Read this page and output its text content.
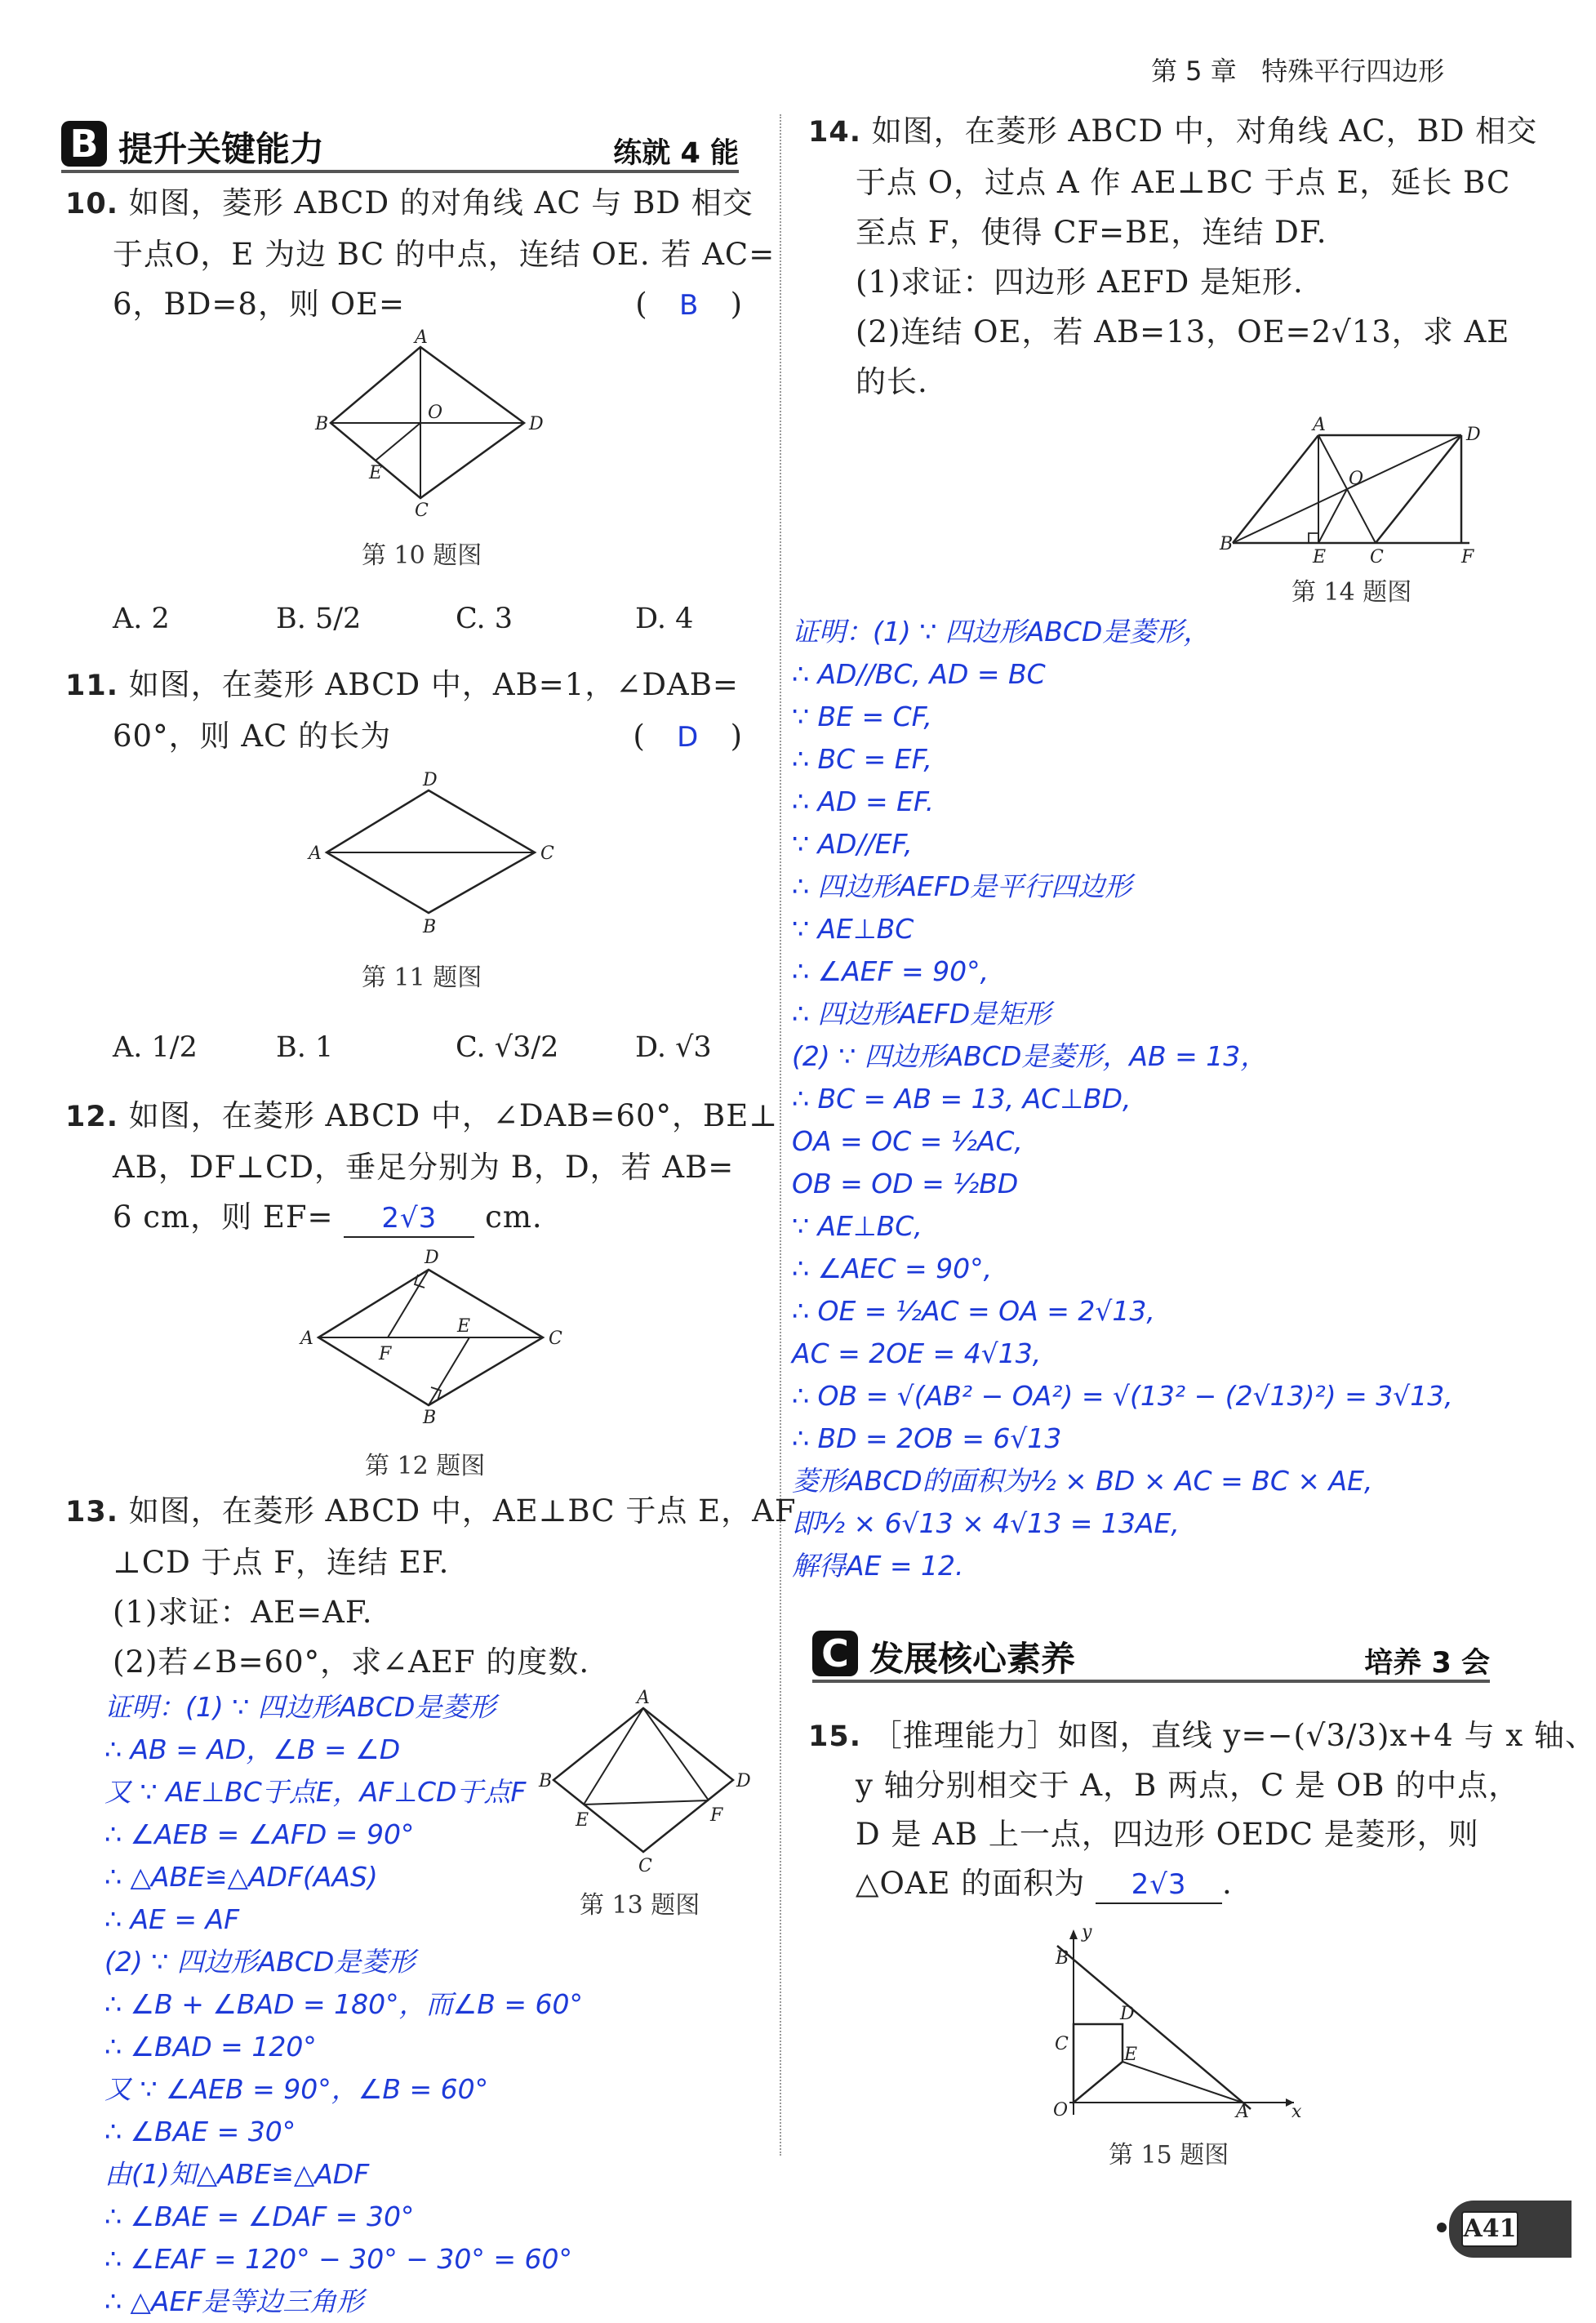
第 5 章 特殊平行四边形
B 提升关键能力	练就 4 能
10. 如图，菱形 ABCD 的对角线 AC 与 BD 相交
于点O，E 为边 BC 的中点，连结 OE. 若 AC=
6，BD=8，则 OE=	(   B   )
A
B
O
D
E
C
第 10 题图
A. 2	B. 5/2	C. 3	D. 4
11. 如图，在菱形 ABCD 中，AB=1，∠DAB=
60°，则 AC 的长为	(   D   )
D
A	C
B
第 11 题图
A. 1/2	B. 1	C. √3/2	D. √3
12. 如图，在菱形 ABCD 中，∠DAB=60°，BE⊥
AB，DF⊥CD，垂足分别为 B，D，若 AB=
6 cm，则 EF= 2√3 cm.
D
A
F
E
C
B
第 12 题图
13. 如图，在菱形 ABCD 中，AE⊥BC 于点 E，AF
⊥CD 于点 F，连结 EF.
(1)求证：AE=AF.
(2)若∠B=60°，求∠AEF 的度数.
A
B
E	F
D
C
第 13 题图
证明：(1) ∵ 四边形ABCD是菱形
∴ AB = AD，∠B = ∠D
又 ∵ AE⊥BC于点E，AF⊥CD于点F
∴ ∠AEB = ∠AFD = 90°
∴ △ABE≌△ADF(AAS)
∴ AE = AF
(2) ∵ 四边形ABCD是菱形
∴ ∠B + ∠BAD = 180°，而∠B = 60°
∴ ∠BAD = 120°
又 ∵ ∠AEB = 90°，∠B = 60°
∴ ∠BAE = 30°
由(1)知△ABE≌△ADF
∴ ∠BAE = ∠DAF = 30°
∴ ∠EAF = 120° − 30° − 30° = 60°
∴ △AEF是等边三角形
14. 如图，在菱形 ABCD 中，对角线 AC，BD 相交
于点 O，过点 A 作 AE⊥BC 于点 E，延长 BC
至点 F，使得 CF=BE，连结 DF.
(1)求证：四边形 AEFD 是矩形.
(2)连结 OE，若 AB=13，OE=2√13，求 AE
的长.
A	D
O
B
E C	F
第 14 题图
证明：(1) ∵ 四边形ABCD是菱形，
∴ AD//BC, AD = BC
∵ BE = CF,
∴ BC = EF,
∴ AD = EF.
∵ AD//EF,
∴ 四边形AEFD是平行四边形
∵ AE⊥BC
∴ ∠AEF = 90°,
∴ 四边形AEFD是矩形
(2) ∵ 四边形ABCD是菱形，AB = 13，
∴ BC = AB = 13, AC⊥BD,
OA = OC = ½AC,
OB = OD = ½BD
∵ AE⊥BC,
∴ ∠AEC = 90°,
∴ OE = ½AC = OA = 2√13,
AC = 2OE = 4√13,
∴ OB = √(AB² − OA²) = √(13² − (2√13)²) = 3√13,
∴ BD = 2OB = 6√13
菱形ABCD的面积为½ × BD × AC = BC × AE,
即½ × 6√13 × 4√13 = 13AE,
解得AE = 12.
C 发展核心素养	培养 3 会
15. ［推理能力］如图，直线 y=−(√3/3)x+4 与 x 轴、
y 轴分别相交于 A，B 两点，C 是 OB 的中点，
D 是 AB 上一点，四边形 OEDC 是菱形，则
△OAE 的面积为 2√3 .
y
B
D
C
E
O	A x
第 15 题图
A41
